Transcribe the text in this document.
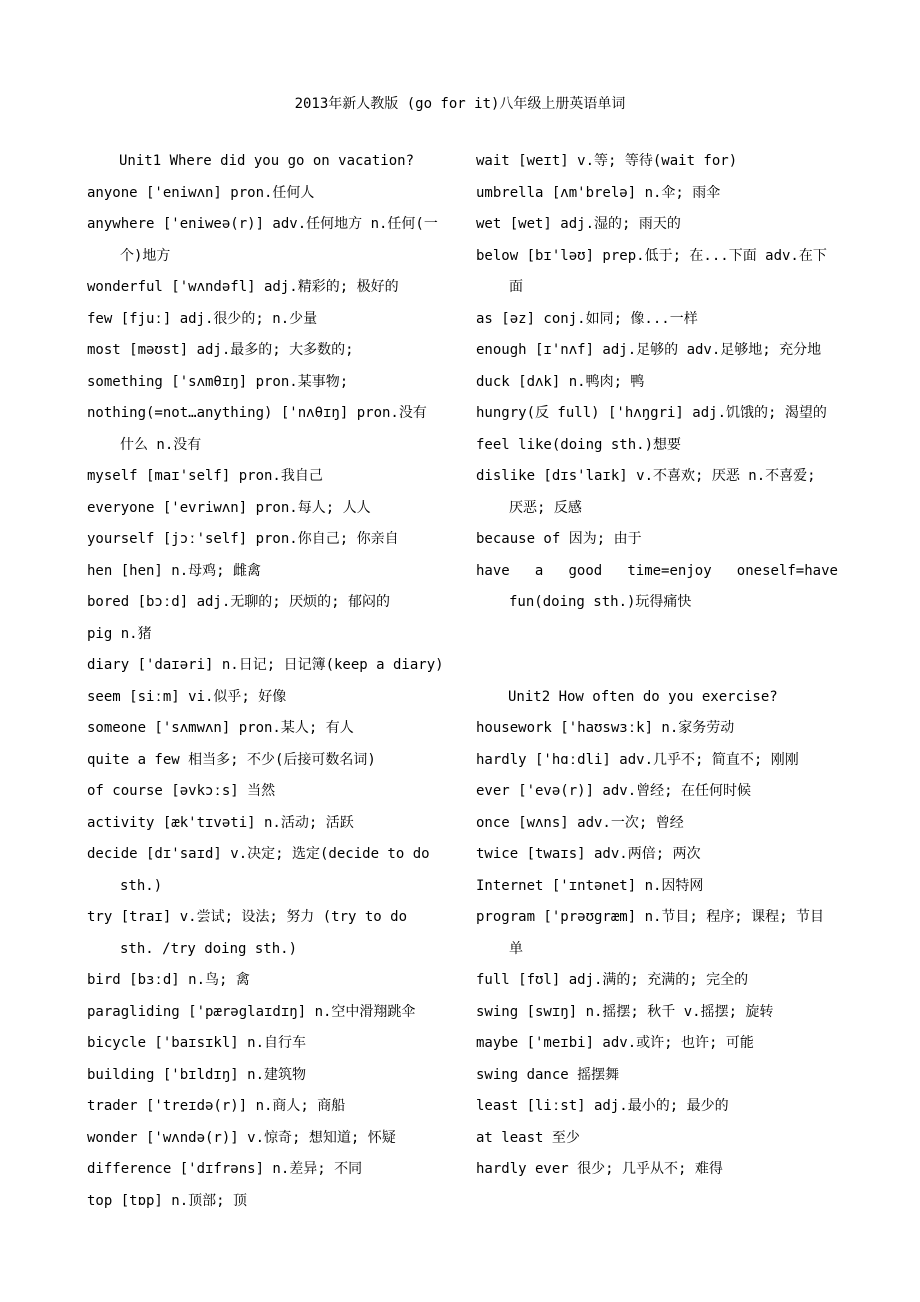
2013年新人教版 (go for it)八年级上册英语单词
Unit1 Where did you go on vacation?
anyone ['eniwʌn] pron.任何人
anywhere ['eniweə(r)] adv.任何地方 n.任何(一
个)地方
wonderful ['wʌndəfl] adj.精彩的; 极好的
few [fjuː] adj.很少的; n.少量
most [məʊst] adj.最多的; 大多数的;
something ['sʌmθɪŋ] pron.某事物;
nothing(=not…anything) ['nʌθɪŋ] pron.没有
什么 n.没有
myself [maɪ'self] pron.我自己
everyone ['evriwʌn] pron.每人; 人人
yourself [jɔː'self] pron.你自己; 你亲自
hen [hen] n.母鸡; 雌禽
bored [bɔːd] adj.无聊的; 厌烦的; 郁闷的
pig n.猪
diary ['daɪəri] n.日记; 日记簿(keep a diary)
seem [siːm] vi.似乎; 好像
someone ['sʌmwʌn] pron.某人; 有人
quite a few 相当多; 不少(后接可数名词)
of course [əvkɔːs] 当然
activity [æk'tɪvəti] n.活动; 活跃
decide [dɪ'saɪd] v.决定; 选定(decide to do
sth.)
try [traɪ] v.尝试; 设法; 努力 (try to do
sth. /try doing sth.)
bird [bɜːd] n.鸟; 禽
paragliding ['pærəglaɪdɪŋ] n.空中滑翔跳伞
bicycle ['baɪsɪkl] n.自行车
building ['bɪldɪŋ] n.建筑物
trader ['treɪdə(r)] n.商人; 商船
wonder ['wʌndə(r)] v.惊奇; 想知道; 怀疑
difference ['dɪfrəns] n.差异; 不同
top [tɒp] n.顶部; 顶
wait [weɪt] v.等; 等待(wait for)
umbrella [ʌm'brelə] n.伞; 雨伞
wet [wet] adj.湿的; 雨天的
below [bɪ'ləʊ] prep.低于; 在...下面 adv.在下
面
as [əz] conj.如同; 像...一样
enough [ɪ'nʌf] adj.足够的 adv.足够地; 充分地
duck [dʌk] n.鸭肉; 鸭
hungry(反 full) ['hʌŋgri] adj.饥饿的; 渴望的
feel like(doing sth.)想要
dislike [dɪs'laɪk] v.不喜欢; 厌恶 n.不喜爱;
厌恶; 反感
because of 因为; 由于
have a good time=enjoy oneself=have
fun(doing sth.)玩得痛快
Unit2 How often do you exercise?
housework ['haʊswɜːk] n.家务劳动
hardly ['hɑːdli] adv.几乎不; 简直不; 刚刚
ever ['evə(r)] adv.曾经; 在任何时候
once [wʌns] adv.一次; 曾经
twice [twaɪs] adv.两倍; 两次
Internet ['ɪntənet] n.因特网
program ['prəʊgræm] n.节目; 程序; 课程; 节目
单
full [fʊl] adj.满的; 充满的; 完全的
swing [swɪŋ] n.摇摆; 秋千 v.摇摆; 旋转
maybe ['meɪbi] adv.或许; 也许; 可能
swing dance 摇摆舞
least [liːst] adj.最小的; 最少的
at least 至少
hardly ever 很少; 几乎从不; 难得
